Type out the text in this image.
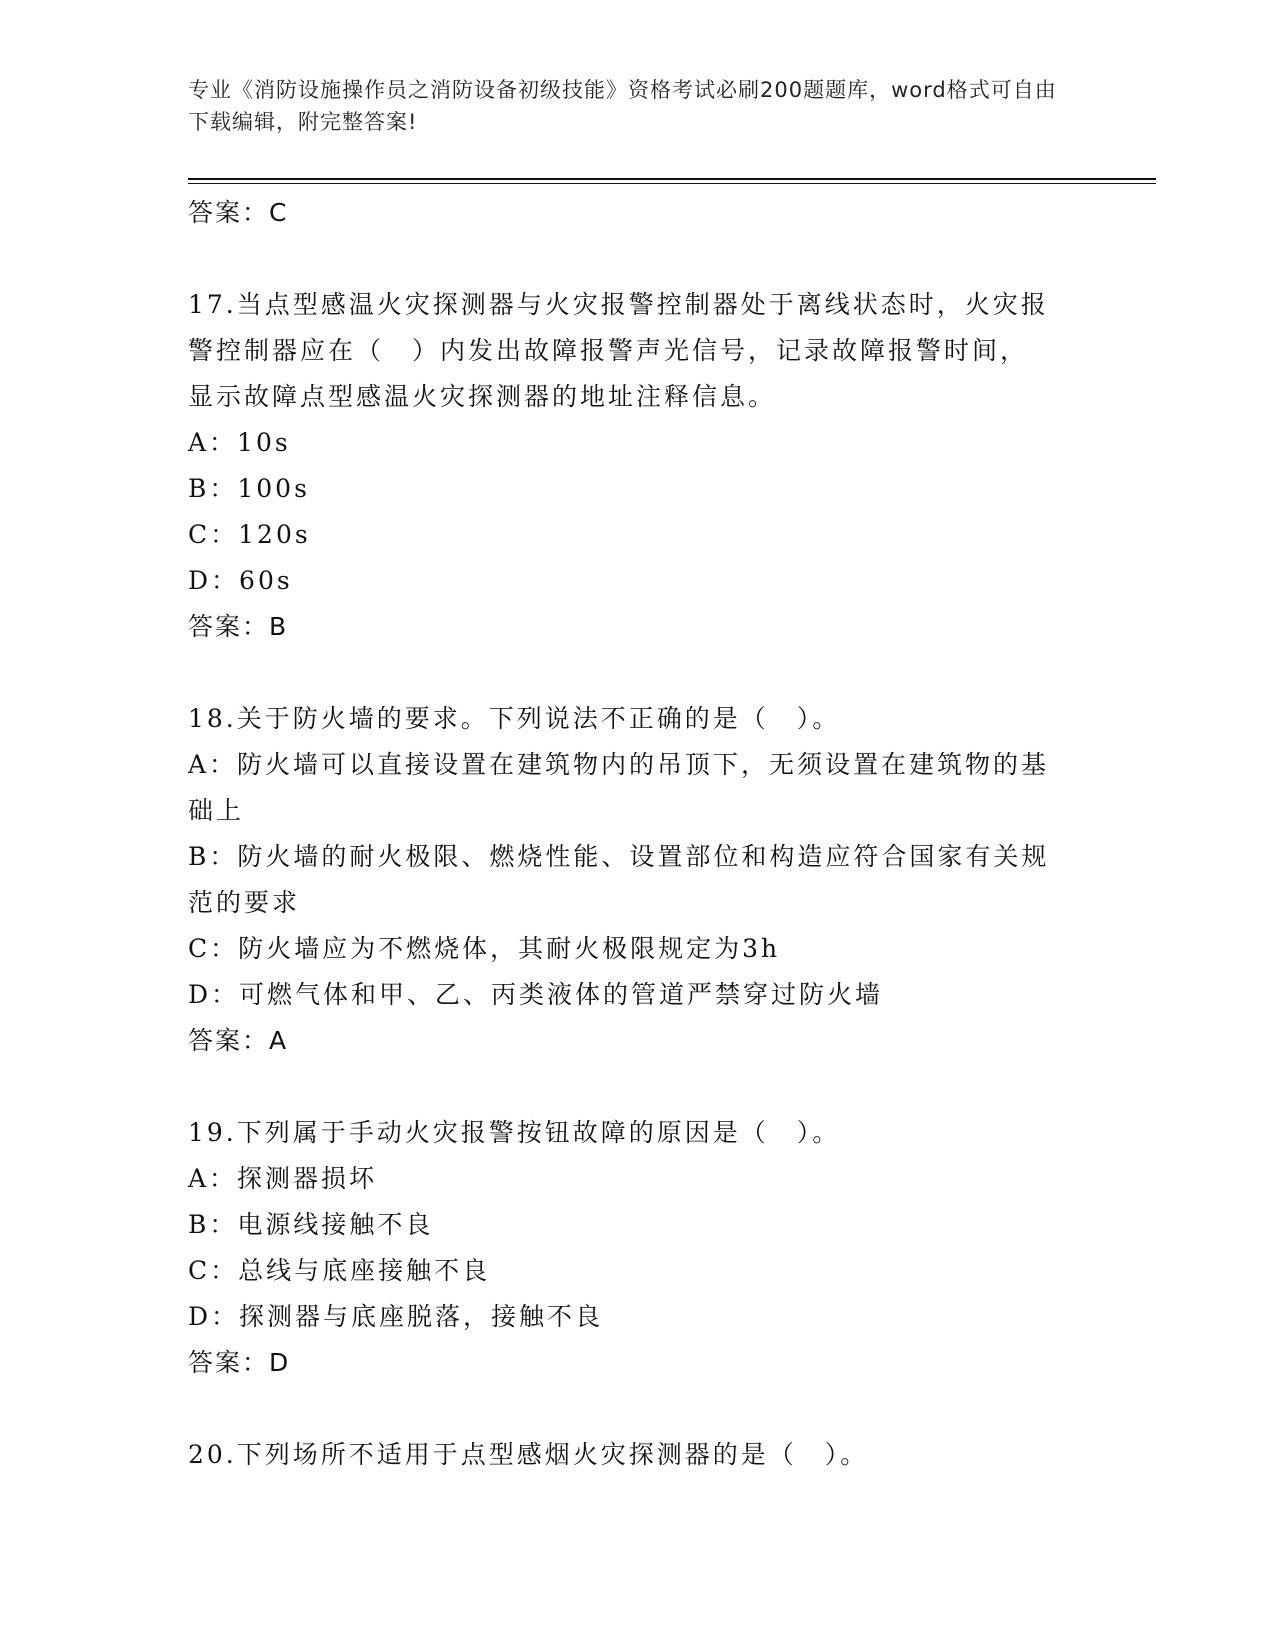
专业《消防设施操作员之消防设备初级技能》资格考试必刷200题题库，word格式可自由下载编辑，附完整答案!
答案：C
17.当点型感温火灾探测器与火灾报警控制器处于离线状态时，火灾报
警控制器应在（　）内发出故障报警声光信号，记录故障报警时间，
显示故障点型感温火灾探测器的地址注释信息。
A：10s
B：100s
C：120s
D：60s
答案：B
18.关于防火墙的要求。下列说法不正确的是（　）。
A：防火墙可以直接设置在建筑物内的吊顶下，无须设置在建筑物的基
础上
B：防火墙的耐火极限、燃烧性能、设置部位和构造应符合国家有关规
范的要求
C：防火墙应为不燃烧体，其耐火极限规定为3h
D：可燃气体和甲、乙、丙类液体的管道严禁穿过防火墙
答案：A
19.下列属于手动火灾报警按钮故障的原因是（　）。
A：探测器损坏
B：电源线接触不良
C：总线与底座接触不良
D：探测器与底座脱落，接触不良
答案：D
20.下列场所不适用于点型感烟火灾探测器的是（　）。
